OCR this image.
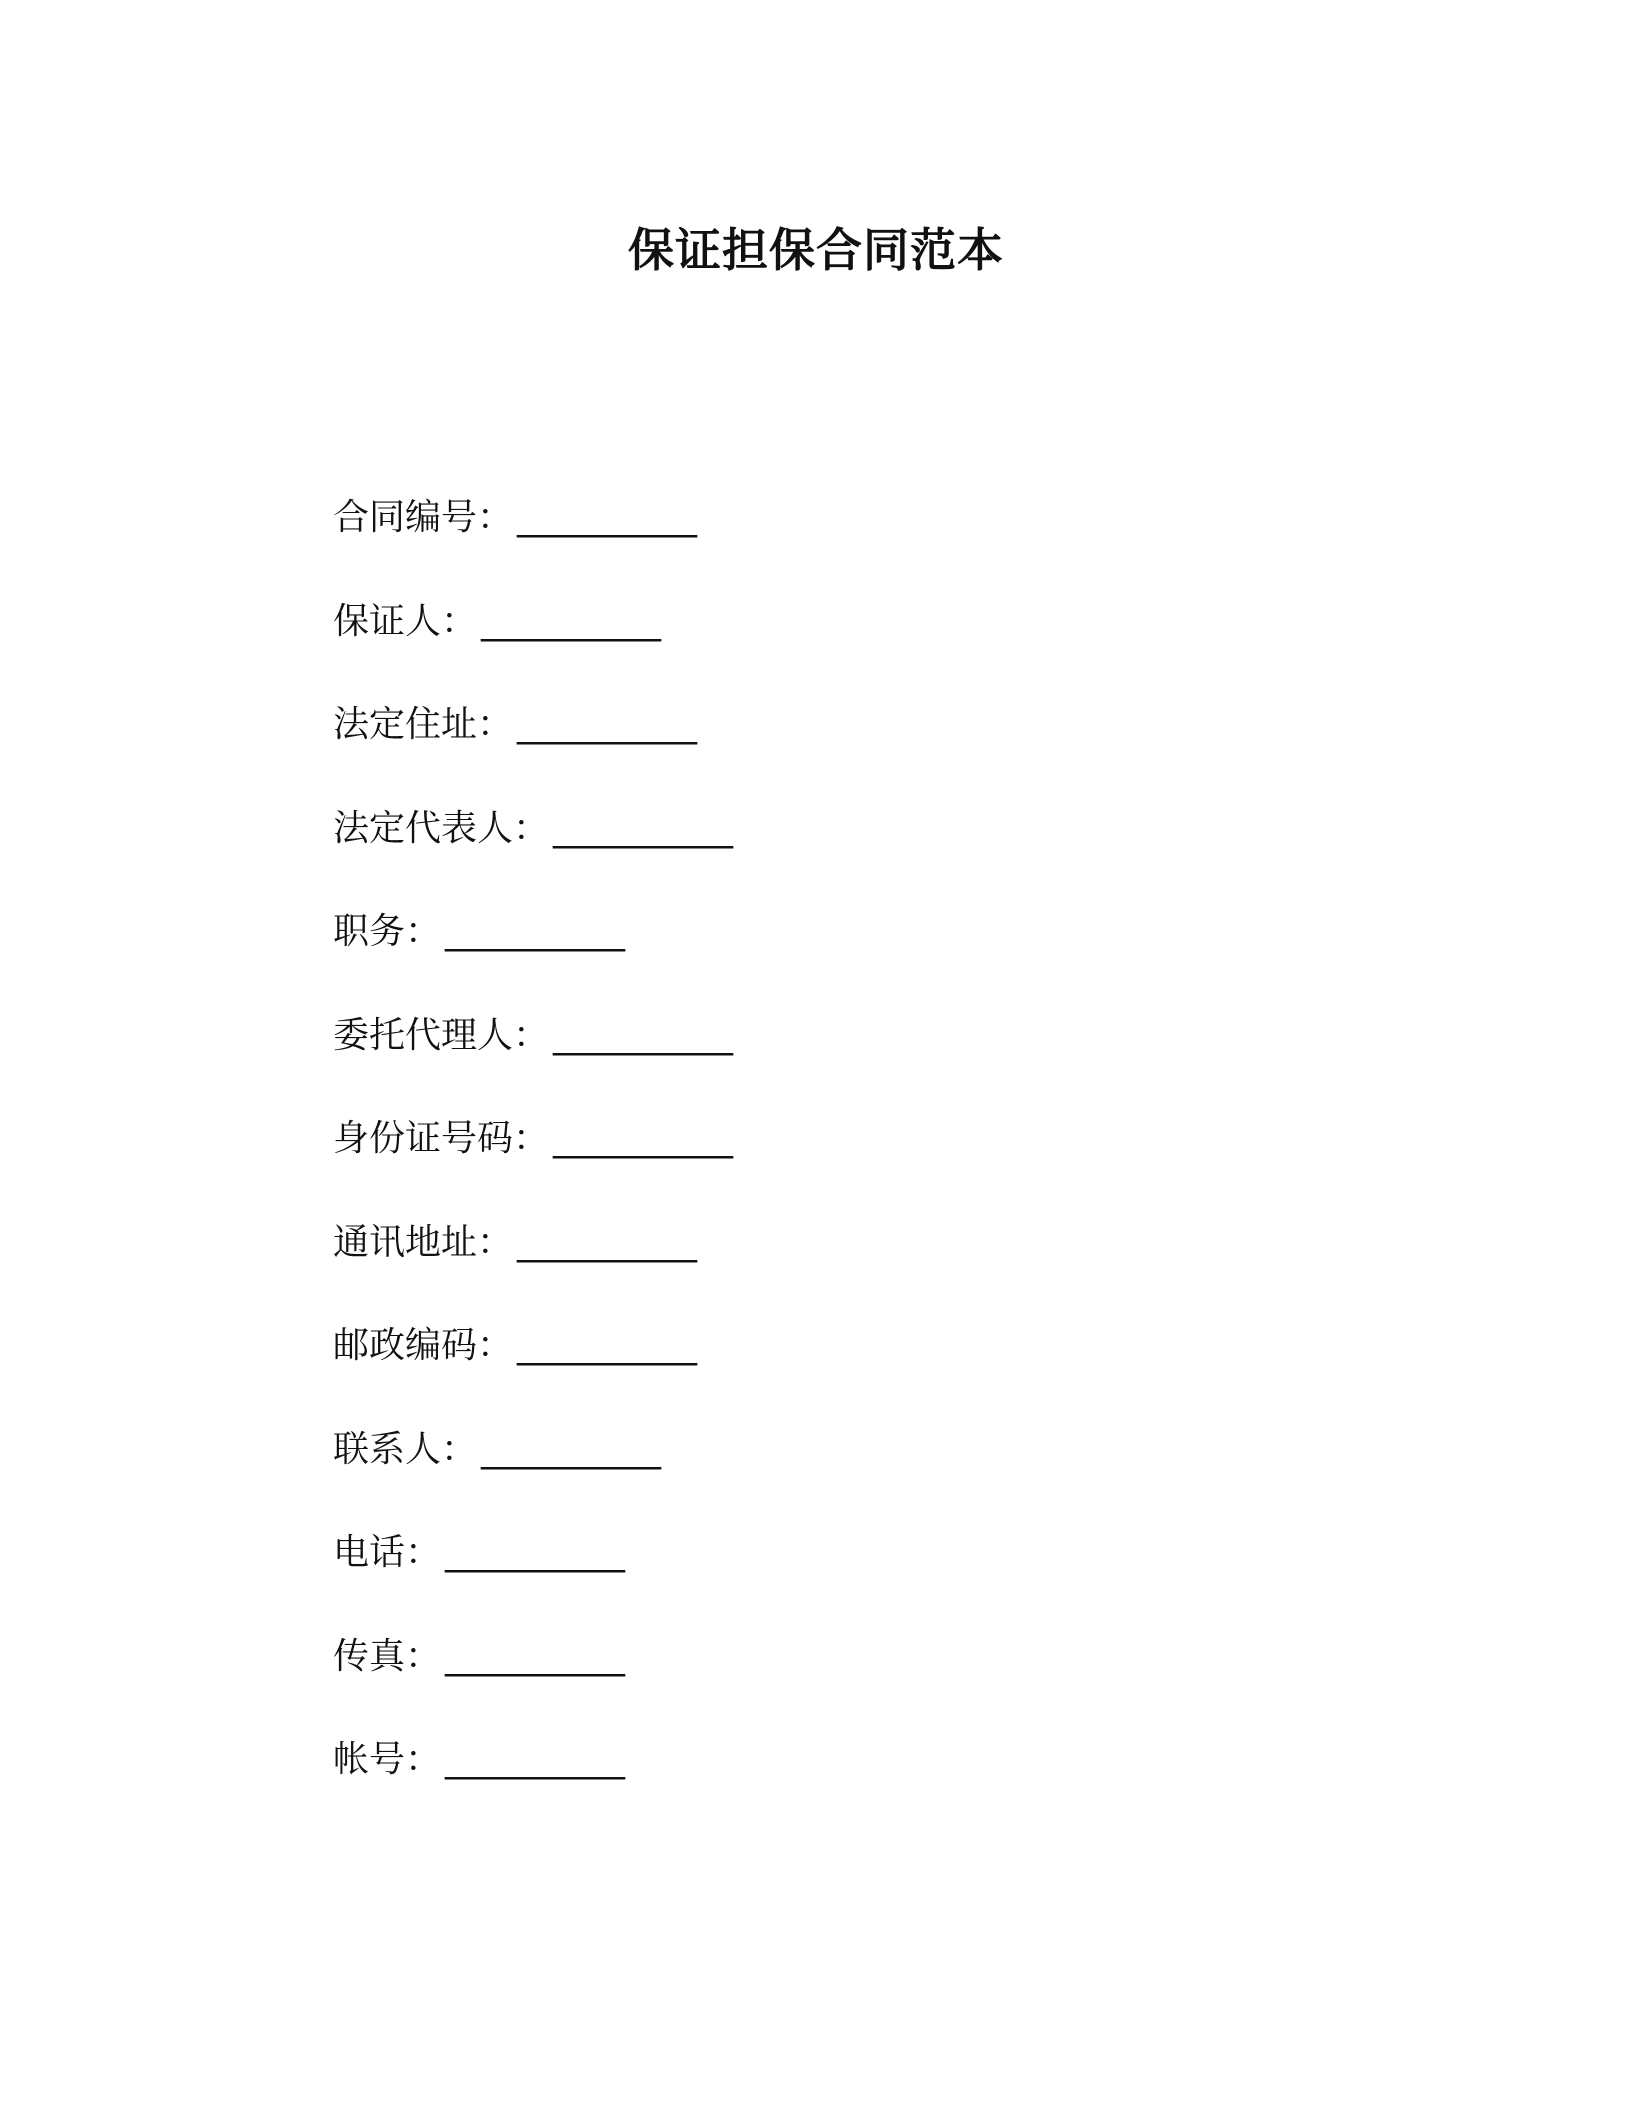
保证担保合同范本
合同编号： __________
保证人： __________
法定住址： __________
法定代表人： __________
职务： __________
委托代理人： __________
身份证号码： __________
通讯地址： __________
邮政编码： __________
联系人： __________
电话： __________
传真： __________
帐号： __________
